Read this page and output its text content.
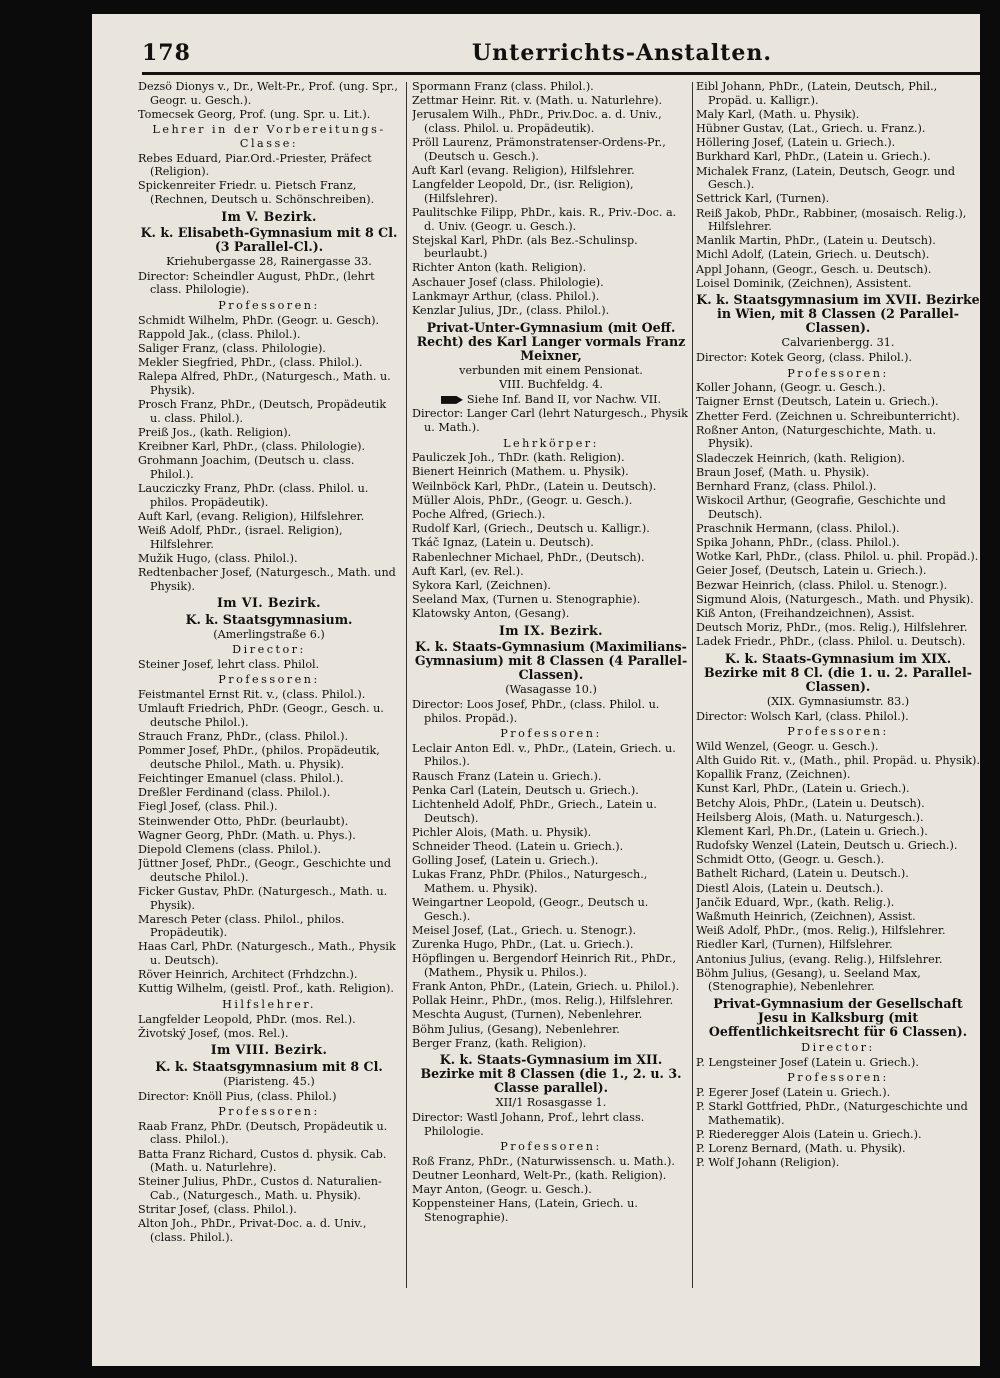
178	Unterrichts-Anstalten.
Dezsö Dionys v., Dr., Welt-Pr., Prof. (ung. Spr., Geogr. u. Gesch.).
Tomecsek Georg, Prof. (ung. Spr. u. Lit.).
Lehrer in der Vorbereitungs-Classe:
Rebes Eduard, Piar.Ord.-Priester, Präfect (Religion).
Spickenreiter Friedr. u. Pietsch Franz, (Rechnen, Deutsch u. Schönschreiben).
Im V. Bezirk.
K. k. Elisabeth-Gymnasium mit 8 Cl. (3 Parallel-Cl.).
Kriehubergasse 28, Rainergasse 33.
Director: Scheindler August, PhDr., (lehrt class. Philologie).
Professoren:
Schmidt Wilhelm, PhDr. (Geogr. u. Gesch).
Rappold Jak., (class. Philol.).
Saliger Franz, (class. Philologie).
Mekler Siegfried, PhDr., (class. Philol.).
Ralepa Alfred, PhDr., (Naturgesch., Math. u. Physik).
Prosch Franz, PhDr., (Deutsch, Propädeutik u. class. Philol.).
Preiß Jos., (kath. Religion).
Kreibner Karl, PhDr., (class. Philologie).
Grohmann Joachim, (Deutsch u. class. Philol.).
Laucziczky Franz, PhDr. (class. Philol. u. philos. Propädeutik).
Auft Karl, (evang. Religion), Hilfslehrer.
Weiß Adolf, PhDr., (israel. Religion), Hilfslehrer.
Mužik Hugo, (class. Philol.).
Redtenbacher Josef, (Naturgesch., Math. und Physik).
Im VI. Bezirk.
K. k. Staatsgymnasium.
(Amerlingstraße 6.)
Director:
Steiner Josef, lehrt class. Philol.
Professoren:
Feistmantel Ernst Rit. v., (class. Philol.).
Umlauft Friedrich, PhDr. (Geogr., Gesch. u. deutsche Philol.).
Strauch Franz, PhDr., (class. Philol.).
Pommer Josef, PhDr., (philos. Propädeutik, deutsche Philol., Math. u. Physik).
Feichtinger Emanuel (class. Philol.).
Dreßler Ferdinand (class. Philol.).
Fiegl Josef, (class. Phil.).
Steinwender Otto, PhDr. (beurlaubt).
Wagner Georg, PhDr. (Math. u. Phys.).
Diepold Clemens (class. Philol.).
Jüttner Josef, PhDr., (Geogr., Geschichte und deutsche Philol.).
Ficker Gustav, PhDr. (Naturgesch., Math. u. Physik).
Maresch Peter (class. Philol., philos. Propädeutik).
Haas Carl, PhDr. (Naturgesch., Math., Physik u. Deutsch).
Röver Heinrich, Architect (Frhdzchn.).
Kuttig Wilhelm, (geistl. Prof., kath. Religion).
Hilfslehrer.
Langfelder Leopold, PhDr. (mos. Rel.).
Životský Josef, (mos. Rel.).
Im VIII. Bezirk.
K. k. Staatsgymnasium mit 8 Cl.
(Piaristeng. 45.)
Director: Knöll Pius, (class. Philol.)
Professoren:
Raab Franz, PhDr. (Deutsch, Propädeutik u. class. Philol.).
Batta Franz Richard, Custos d. physik. Cab. (Math. u. Naturlehre).
Steiner Julius, PhDr., Custos d. Naturalien-Cab., (Naturgesch., Math. u. Physik).
Stritar Josef, (class. Philol.).
Alton Joh., PhDr., Privat-Doc. a. d. Univ., (class. Philol.).
Spormann Franz (class. Philol.).
Zettmar Heinr. Rit. v. (Math. u. Naturlehre).
Jerusalem Wilh., PhDr., Priv.Doc. a. d. Univ., (class. Philol. u. Propädeutik).
Pröll Laurenz, Prämonstratenser-Ordens-Pr., (Deutsch u. Gesch.).
Auft Karl (evang. Religion), Hilfslehrer.
Langfelder Leopold, Dr., (isr. Religion), (Hilfslehrer).
Paulitschke Filipp, PhDr., kais. R., Priv.-Doc. a. d. Univ. (Geogr. u. Gesch.).
Stejskal Karl, PhDr. (als Bez.-Schulinsp. beurlaubt.)
Richter Anton (kath. Religion).
Aschauer Josef (class. Philologie).
Lankmayr Arthur, (class. Philol.).
Kenzlar Julius, JDr., (class. Philol.).
Privat-Unter-Gymnasium (mit Oeff. Recht) des Karl Langer vormals Franz Meixner,
verbunden mit einem Pensionat.
VIII. Buchfeldg. 4.
Siehe Inf. Band II, vor Nachw. VII.
Director: Langer Carl (lehrt Naturgesch., Physik u. Math.).
Lehrkörper:
Pauliczek Joh., ThDr. (kath. Religion).
Bienert Heinrich (Mathem. u. Physik).
Weilnböck Karl, PhDr., (Latein u. Deutsch).
Müller Alois, PhDr., (Geogr. u. Gesch.).
Poche Alfred, (Griech.).
Rudolf Karl, (Griech., Deutsch u. Kalligr.).
Tkáč Ignaz, (Latein u. Deutsch).
Rabenlechner Michael, PhDr., (Deutsch).
Auft Karl, (ev. Rel.).
Sykora Karl, (Zeichnen).
Seeland Max, (Turnen u. Stenographie).
Klatowsky Anton, (Gesang).
Im IX. Bezirk.
K. k. Staats-Gymnasium (Maximilians-Gymnasium) mit 8 Classen (4 Parallel-Classen).
(Wasagasse 10.)
Director: Loos Josef, PhDr., (class. Philol. u. philos. Propäd.).
Professoren:
Leclair Anton Edl. v., PhDr., (Latein, Griech. u. Philos.).
Rausch Franz (Latein u. Griech.).
Penka Carl (Latein, Deutsch u. Griech.).
Lichtenheld Adolf, PhDr., Griech., Latein u. Deutsch).
Pichler Alois, (Math. u. Physik).
Schneider Theod. (Latein u. Griech.).
Golling Josef, (Latein u. Griech.).
Lukas Franz, PhDr. (Philos., Naturgesch., Mathem. u. Physik).
Weingartner Leopold, (Geogr., Deutsch u. Gesch.).
Meisel Josef, (Lat., Griech. u. Stenogr.).
Zurenka Hugo, PhDr., (Lat. u. Griech.).
Höpflingen u. Bergendorf Heinrich Rit., PhDr., (Mathem., Physik u. Philos.).
Frank Anton, PhDr., (Latein, Griech. u. Philol.).
Pollak Heinr., PhDr., (mos. Relig.), Hilfslehrer.
Meschta August, (Turnen), Nebenlehrer.
Böhm Julius, (Gesang), Nebenlehrer.
Berger Franz, (kath. Religion).
K. k. Staats-Gymnasium im XII. Bezirke mit 8 Classen (die 1., 2. u. 3. Classe parallel).
XII/1 Rosasgasse 1.
Director: Wastl Johann, Prof., lehrt class. Philologie.
Professoren:
Roß Franz, PhDr., (Naturwissensch. u. Math.).
Deutner Leonhard, Welt-Pr., (kath. Religion).
Mayr Anton, (Geogr. u. Gesch.).
Koppensteiner Hans, (Latein, Griech. u. Stenographie).
Eibl Johann, PhDr., (Latein, Deutsch, Phil., Propäd. u. Kalligr.).
Maly Karl, (Math. u. Physik).
Hübner Gustav, (Lat., Griech. u. Franz.).
Höllering Josef, (Latein u. Griech.).
Burkhard Karl, PhDr., (Latein u. Griech.).
Michalek Franz, (Latein, Deutsch, Geogr. und Gesch.).
Settrick Karl, (Turnen).
Reiß Jakob, PhDr., Rabbiner, (mosaisch. Relig.), Hilfslehrer.
Manlik Martin, PhDr., (Latein u. Deutsch).
Michl Adolf, (Latein, Griech. u. Deutsch).
Appl Johann, (Geogr., Gesch. u. Deutsch).
Loisel Dominik, (Zeichnen), Assistent.
K. k. Staatsgymnasium im XVII. Bezirke in Wien, mit 8 Classen (2 Parallel-Classen).
Calvarienbergg. 31.
Director: Kotek Georg, (class. Philol.).
Professoren:
Koller Johann, (Geogr. u. Gesch.).
Taigner Ernst (Deutsch, Latein u. Griech.).
Zhetter Ferd. (Zeichnen u. Schreibunterricht).
Roßner Anton, (Naturgeschichte, Math. u. Physik).
Sladeczek Heinrich, (kath. Religion).
Braun Josef, (Math. u. Physik).
Bernhard Franz, (class. Philol.).
Wiskocil Arthur, (Geografie, Geschichte und Deutsch).
Praschnik Hermann, (class. Philol.).
Spika Johann, PhDr., (class. Philol.).
Wotke Karl, PhDr., (class. Philol. u. phil. Propäd.).
Geier Josef, (Deutsch, Latein u. Griech.).
Bezwar Heinrich, (class. Philol. u. Stenogr.).
Sigmund Alois, (Naturgesch., Math. und Physik).
Kiß Anton, (Freihandzeichnen), Assist.
Deutsch Moriz, PhDr., (mos. Relig.), Hilfslehrer.
Ladek Friedr., PhDr., (class. Philol. u. Deutsch).
K. k. Staats-Gymnasium im XIX. Bezirke mit 8 Cl. (die 1. u. 2. Parallel-Classen).
(XIX. Gymnasiumstr. 83.)
Director: Wolsch Karl, (class. Philol.).
Professoren:
Wild Wenzel, (Geogr. u. Gesch.).
Alth Guido Rit. v., (Math., phil. Propäd. u. Physik).
Kopallik Franz, (Zeichnen).
Kunst Karl, PhDr., (Latein u. Griech.).
Betchy Alois, PhDr., (Latein u. Deutsch).
Heilsberg Alois, (Math. u. Naturgesch.).
Klement Karl, Ph.Dr., (Latein u. Griech.).
Rudofsky Wenzel (Latein, Deutsch u. Griech.).
Schmidt Otto, (Geogr. u. Gesch.).
Bathelt Richard, (Latein u. Deutsch.).
Diestl Alois, (Latein u. Deutsch.).
Jančik Eduard, Wpr., (kath. Relig.).
Waßmuth Heinrich, (Zeichnen), Assist.
Weiß Adolf, PhDr., (mos. Relig.), Hilfslehrer.
Riedler Karl, (Turnen), Hilfslehrer.
Antonius Julius, (evang. Relig.), Hilfslehrer.
Böhm Julius, (Gesang), u. Seeland Max, (Stenographie), Nebenlehrer.
Privat-Gymnasium der Gesellschaft Jesu in Kalksburg (mit Oeffentlichkeitsrecht für 6 Classen).
Director:
P. Lengsteiner Josef (Latein u. Griech.).
Professoren:
P. Egerer Josef (Latein u. Griech.).
P. Starkl Gottfried, PhDr., (Naturgeschichte und Mathematik).
P. Riederegger Alois (Latein u. Griech.).
P. Lorenz Bernard, (Math. u. Physik).
P. Wolf Johann (Religion).
